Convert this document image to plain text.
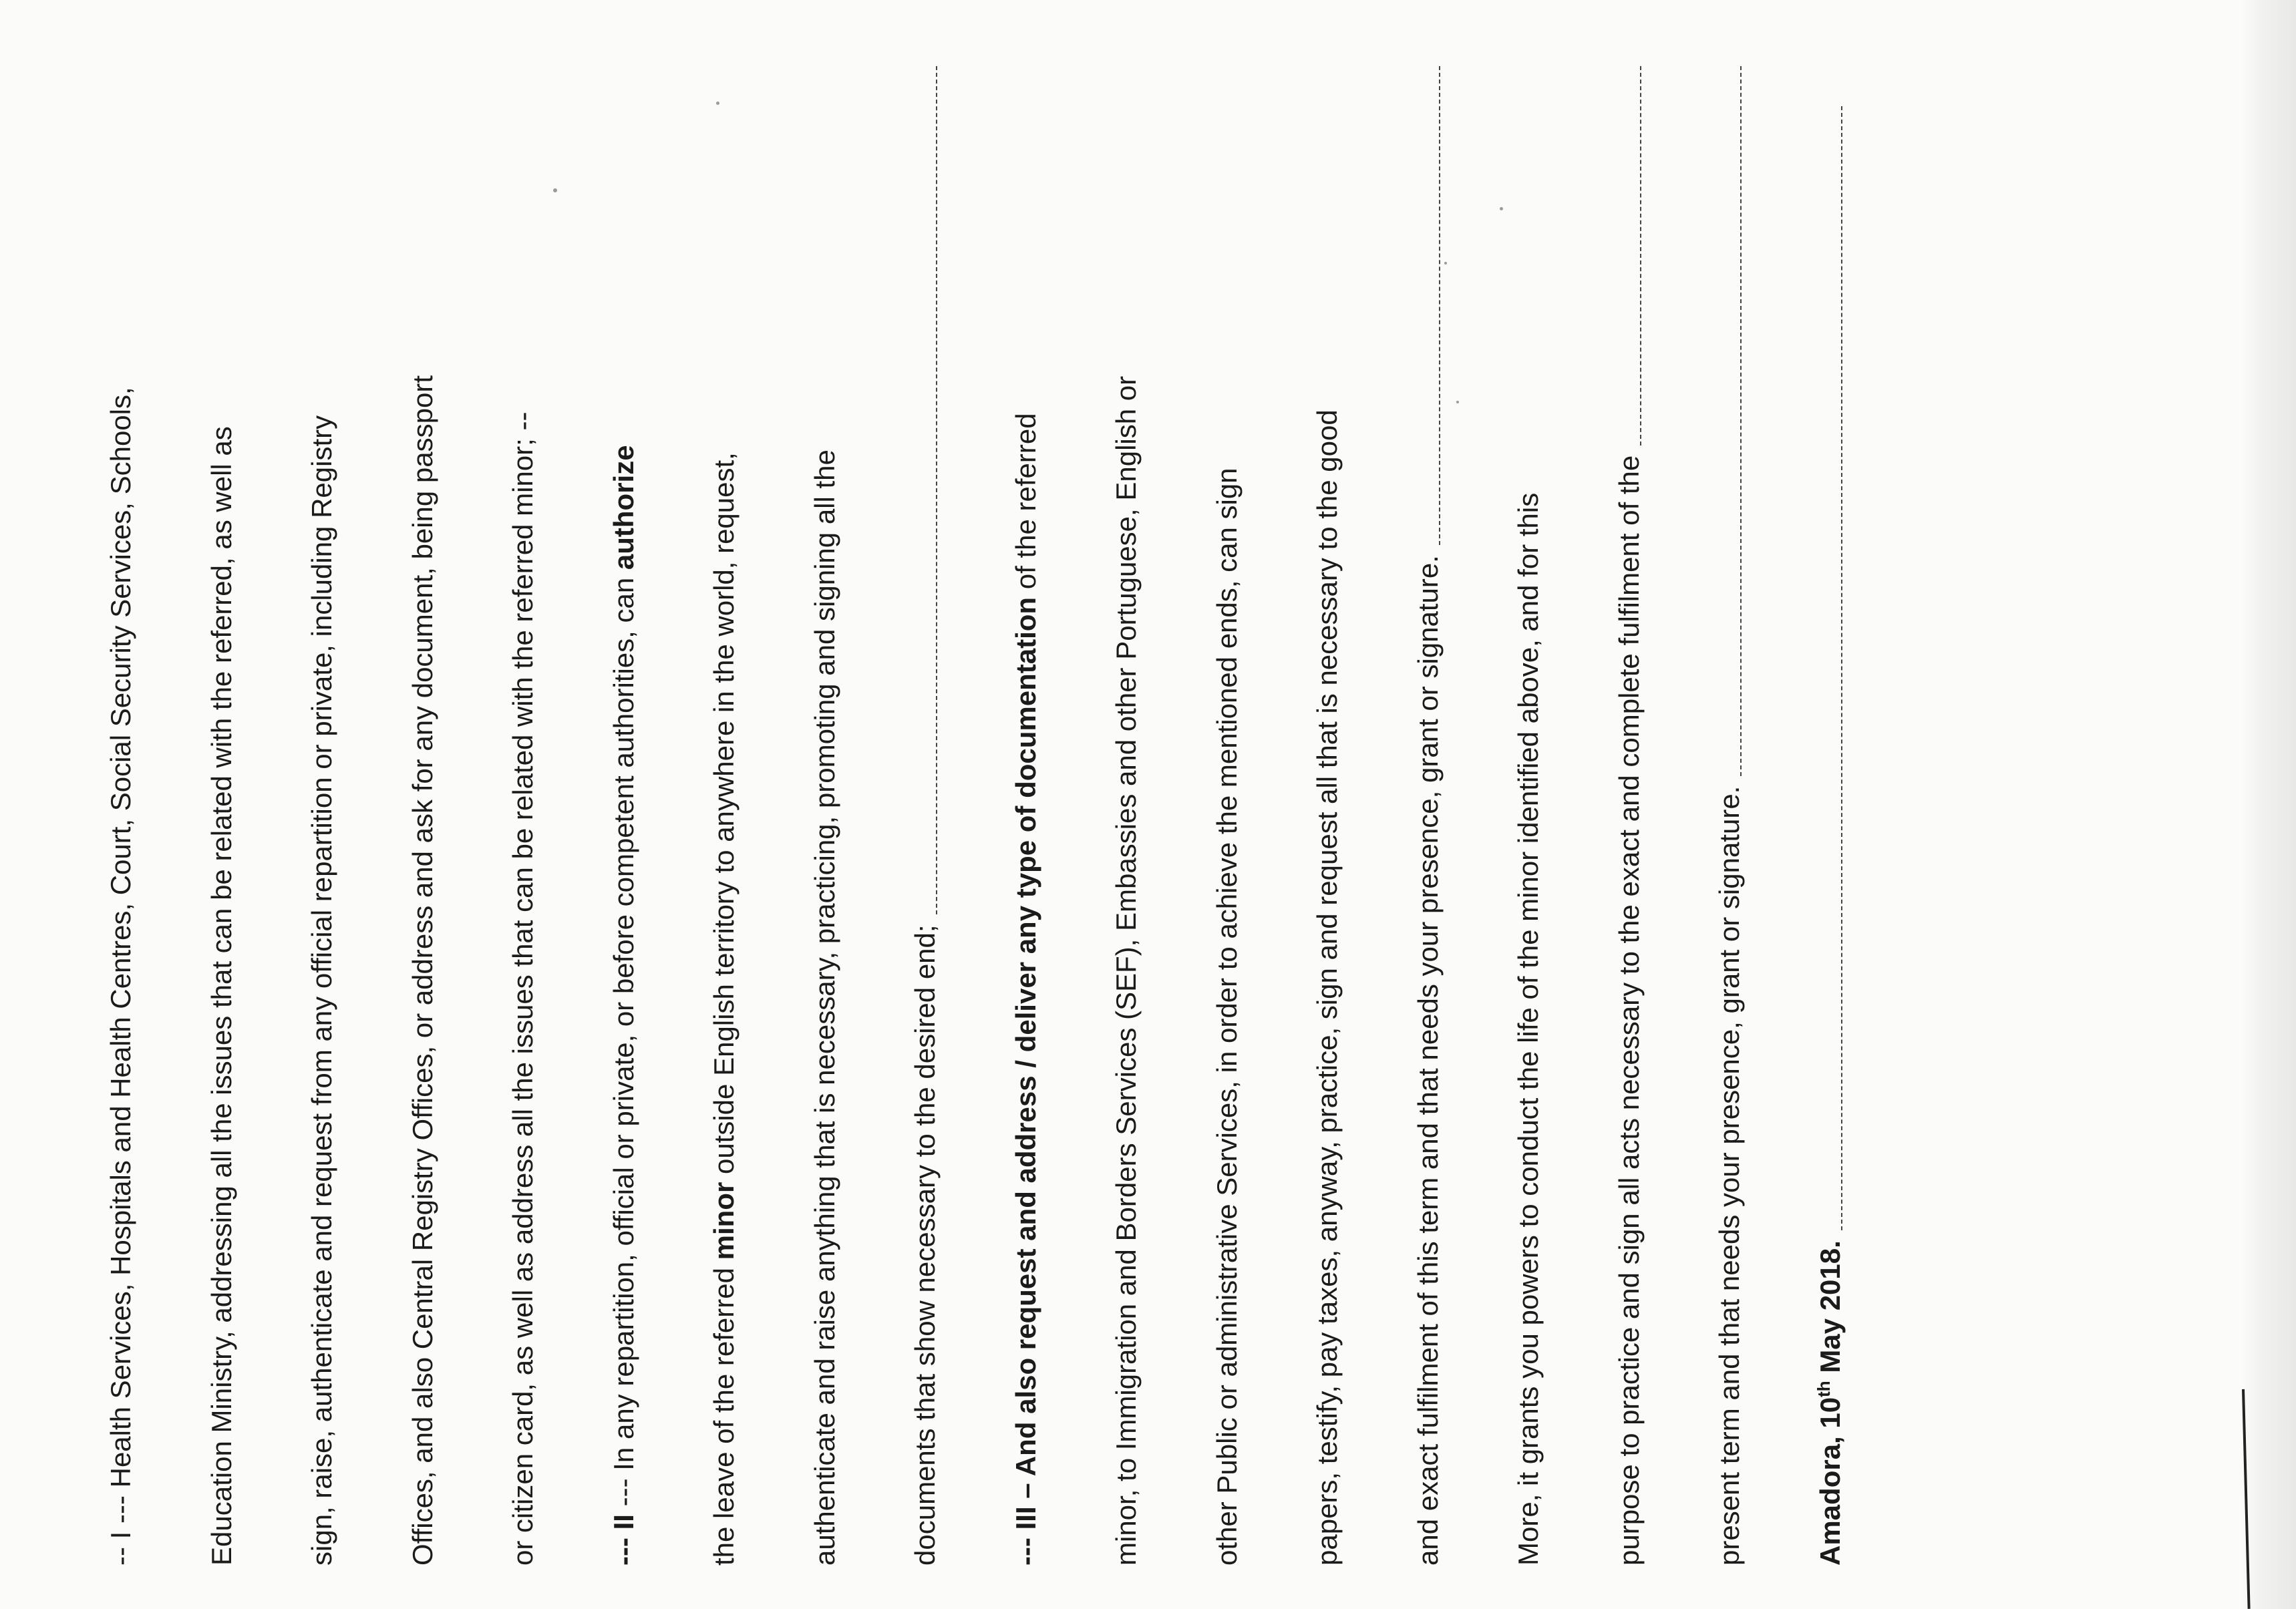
-- I --- Health Services, Hospitals and Health Centres, Court, Social Security Services, Schools, Education Ministry, addressing all the issues that can be related with the referred, as well as sign, raise, authenticate and request from any official repartition or private, including Registry Offices, and also Central Registry Offices, or address and ask for any document, being passport or citizen card, as well as address all the issues that can be related with the referred minor; -- --- II --- In any repartition, official or private, or before competent authorities, can authorize
the leave of the referred minor outside English territory to anywhere in the world, request, authenticate and raise anything that is necessary, practicing, promoting and signing all the documents that show necessary to the desired end; --- III – And also request and address / deliver any type of documentation of the referred minor, to Immigration and Borders Services (SEF), Embassies and other Portuguese, English or other Public or administrative Services, in order to achieve the mentioned ends, can sign papers, testify, pay taxes, anyway, practice, sign and request all that is necessary to the good and exact fulfilment of this term and that needs your presence, grant or signature. More, it grants you powers to conduct the life of the minor identified above, and for this purpose to practice and sign all acts necessary to the exact and complete fulfilment of the present term and that needs your presence, grant or signature. Amadora, 10th May 2018.
